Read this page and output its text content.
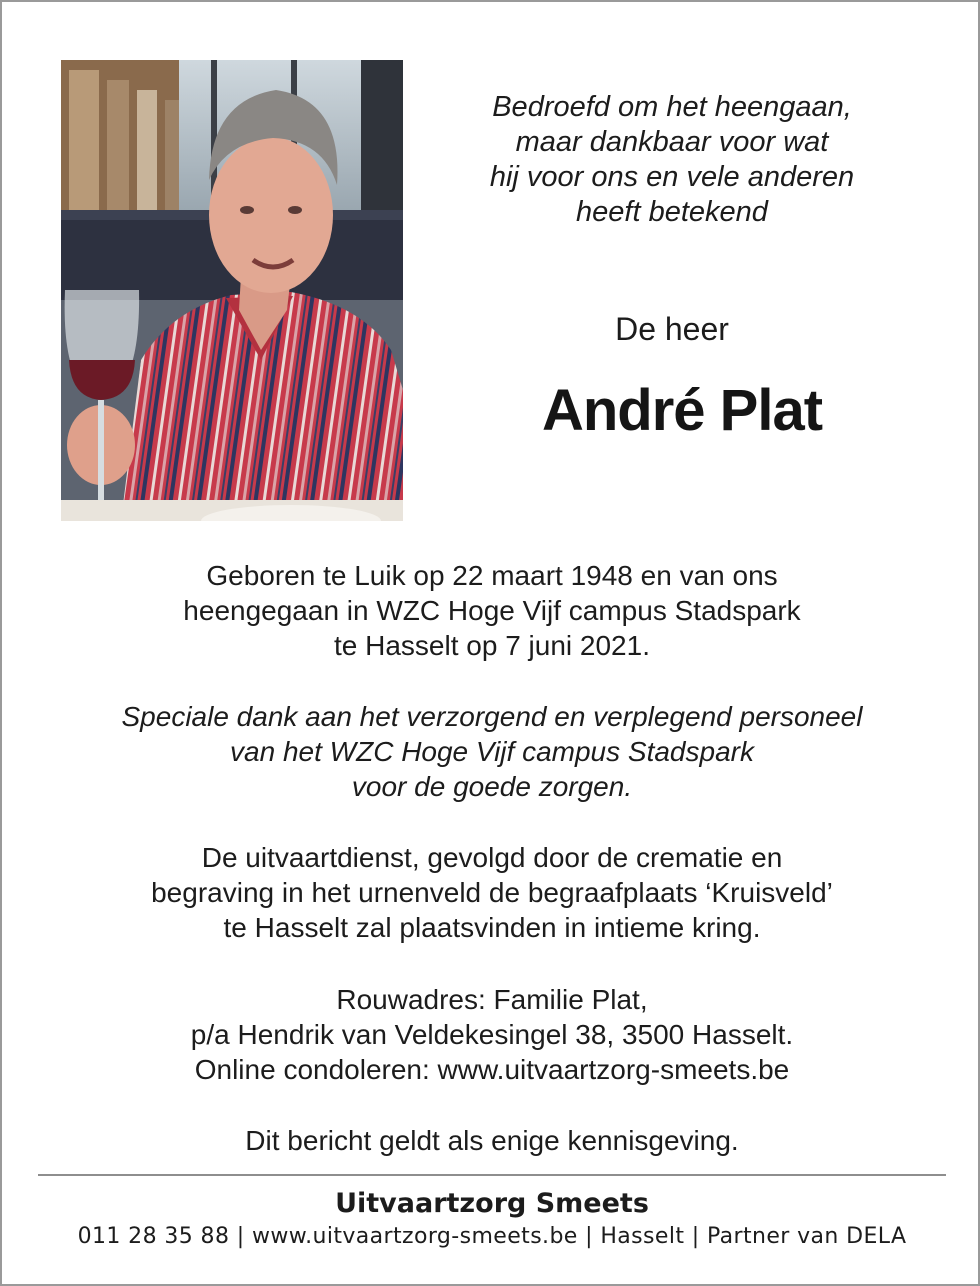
Bedroefd om het heengaan,
maar dankbaar voor wat
hij voor ons en vele anderen
heeft betekend
De heer
André Plat
Geboren te Luik op 22 maart 1948 en van ons
heengegaan in WZC Hoge Vijf campus Stadspark
te Hasselt op 7 juni 2021.
Speciale dank aan het verzorgend en verplegend personeel
van het WZC Hoge Vijf campus Stadspark
voor de goede zorgen.
De uitvaartdienst, gevolgd door de crematie en
begraving in het urnenveld de begraafplaats ‘Kruisveld’
te Hasselt zal plaatsvinden in intieme kring.
Rouwadres: Familie Plat,
p/a Hendrik van Veldekesingel 38, 3500 Hasselt.
Online condoleren: www.uitvaartzorg-smeets.be
Dit bericht geldt als enige kennisgeving.
Uitvaartzorg Smeets
011 28 35 88 | www.uitvaartzorg-smeets.be | Hasselt | Partner van DELA
